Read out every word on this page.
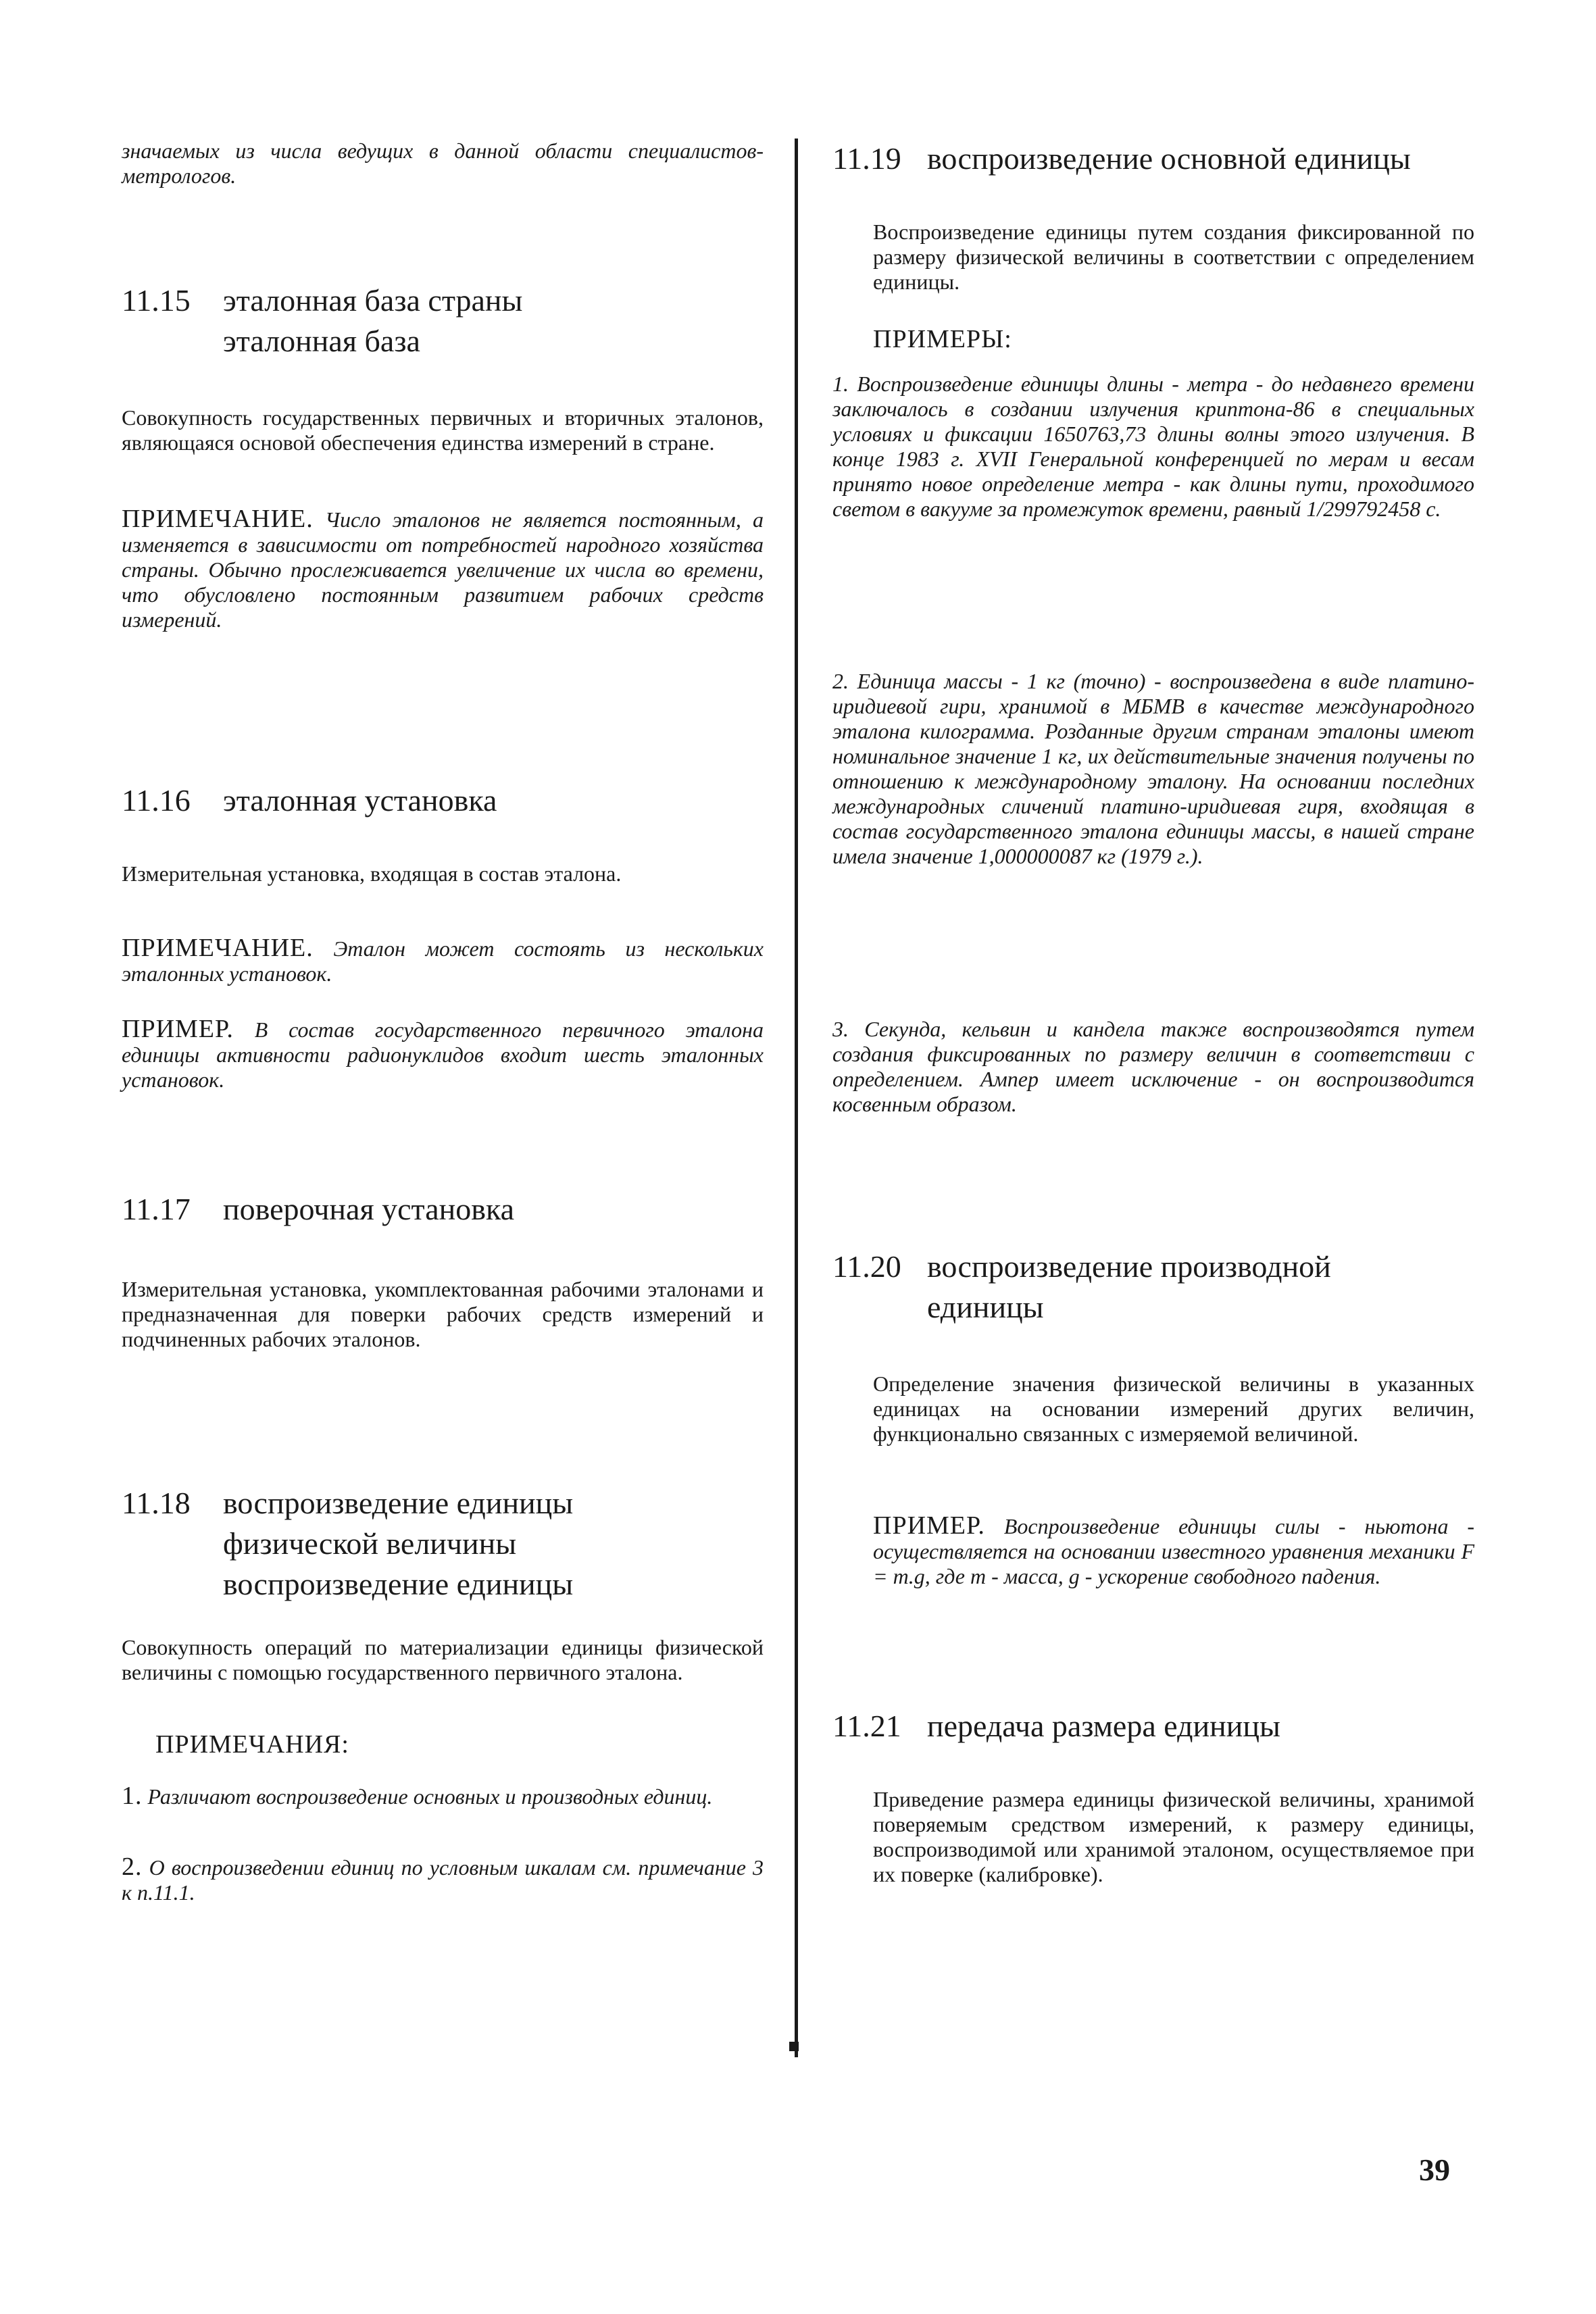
значаемых из числа ведущих в данной области специалистов-метрологов.
11.15 эталонная база страны
эталонная база
Совокупность государственных первичных и вторичных эталонов, являющаяся основой обеспечения единства измерений в стране.
ПРИМЕЧАНИЕ. Число эталонов не является постоянным, а изменяется в зависимости от потребностей народного хозяйства страны. Обычно прослеживается увеличение их числа во времени, что обусловлено постоянным развитием рабочих средств измерений.
11.16 эталонная установка
Измерительная установка, входящая в состав эталона.
ПРИМЕЧАНИЕ. Эталон может состоять из нескольких эталонных установок.
ПРИМЕР. В состав государственного первичного эталона единицы активности радионуклидов входит шесть эталонных установок.
11.17 поверочная установка
Измерительная установка, укомплектованная рабочими эталонами и предназначенная для поверки рабочих средств измерений и подчиненных рабочих эталонов.
11.18 воспроизведение единицы
физической величины
воспроизведение единицы
Совокупность операций по материализации единицы физической величины с помощью государственного первичного эталона.
ПРИМЕЧАНИЯ:
1. Различают воспроизведение основных и производных единиц.
2. О воспроизведении единиц по условным шкалам см. примечание 3 к п.11.1.
11.19 воспроизведение основной единицы
Воспроизведение единицы путем создания фиксированной по размеру физической величины в соответствии с определением единицы.
ПРИМЕРЫ:
1. Воспроизведение единицы длины - метра - до недавнего времени заключалось в создании излучения криптона-86 в специальных условиях и фиксации 1650763,73 длины волны этого излучения. В конце 1983 г. XVII Генеральной конференцией по мерам и весам принято новое определение метра - как длины пути, проходимого светом в вакууме за промежуток времени, равный 1/299792458 с.
2. Единица массы - 1 кг (точно) - воспроизведена в виде платино-иридиевой гири, хранимой в МБМВ в качестве международного эталона килограмма. Розданные другим странам эталоны имеют номинальное значение 1 кг, их действительные значения получены по отношению к международному эталону. На основании последних международных сличений платино-иридиевая гиря, входящая в состав государственного эталона единицы массы, в нашей стране имела значение 1,000000087 кг (1979 г.).
3. Секунда, кельвин и кандела также воспроизводятся путем создания фиксированных по размеру величин в соответствии с определением. Ампер имеет исключение - он воспроизводится косвенным образом.
11.20 воспроизведение производной
единицы
Определение значения физической величины в указанных единицах на основании измерений других величин, функционально связанных с измеряемой величиной.
ПРИМЕР. Воспроизведение единицы силы - ньютона - осуществляется на основании известного уравнения механики F = m.g, где m - масса, g - ускорение свободного падения.
11.21 передача размера единицы
Приведение размера единицы физической величины, хранимой поверяемым средством измерений, к размеру единицы, воспроизводимой или хранимой эталоном, осуществляемое при их поверке (калибровке).
39
